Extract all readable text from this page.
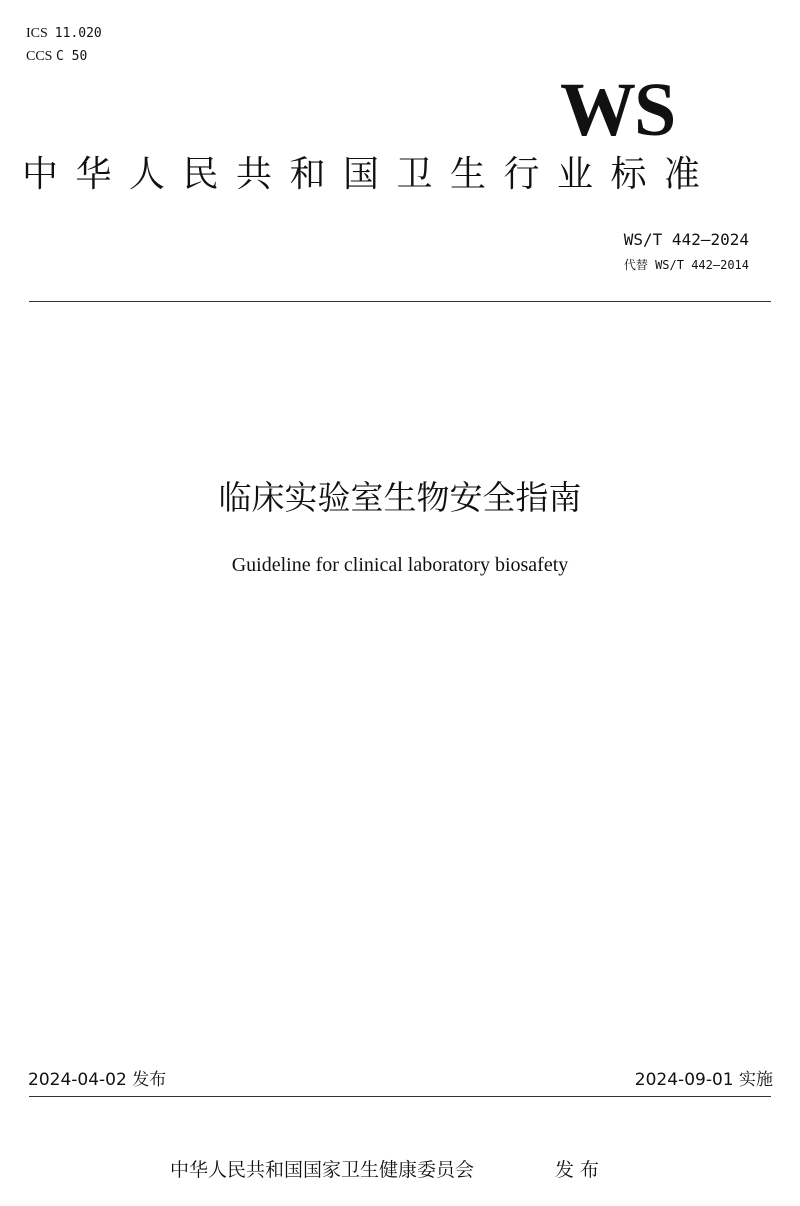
ICS 11.020
CCS C 50
WS
中华人民共和国卫生行业标准
WS/T 442—2024
代替 WS/T 442—2014
临床实验室生物安全指南
Guideline for clinical laboratory biosafety
2024-04-02 发布	2024-09-01 实施
中华人民共和国国家卫生健康委员会	发 布
